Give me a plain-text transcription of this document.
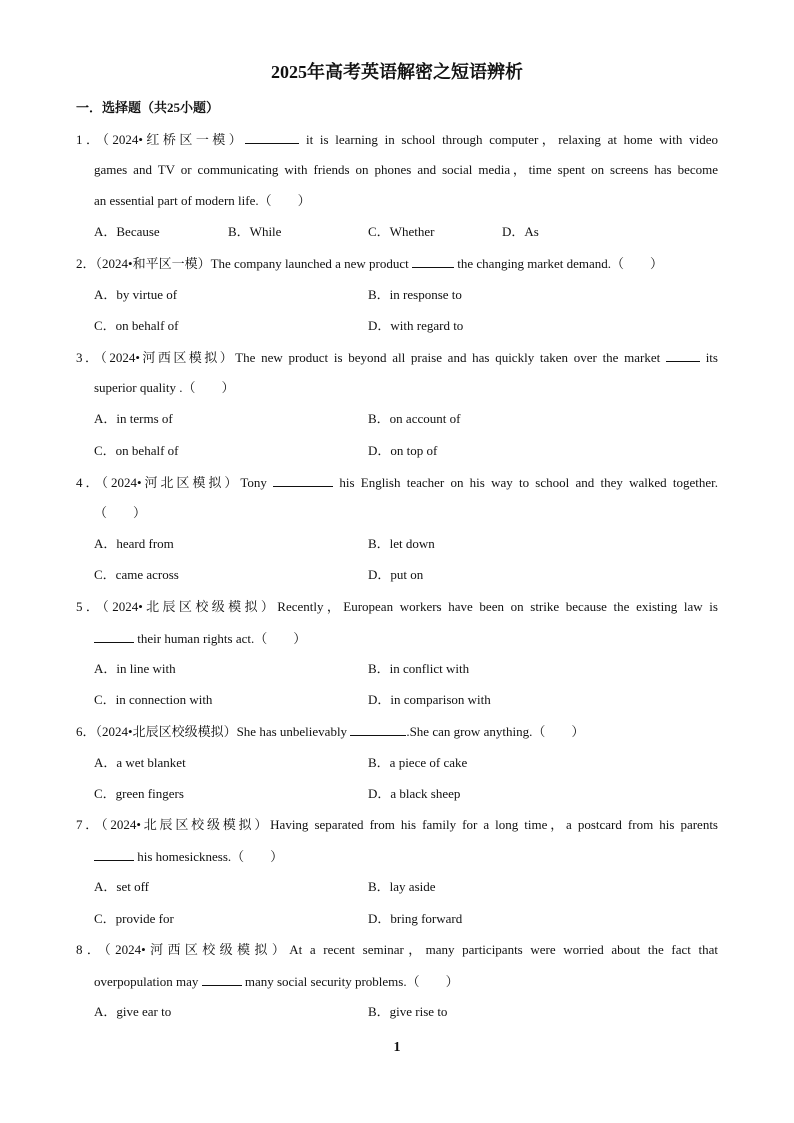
2025年高考英语解密之短语辨析
一．选择题（共25小题）
1．（2024•红桥区一模）	it is learning in school through computer，relaxing at home with video
games and TV or communicating with friends on phones and social media，time spent on screens has become
an essential part of modern life.（　　）
A．Because	B．While	C．Whether	D．As
2．（2024•和平区一模）The company launched a new product	the changing market demand.（　　）
A．by virtue of	B．in response to
C．on behalf of	D．with regard to
3．（2024•河西区模拟）The new product is beyond all praise and has quickly taken over the market	its
superior quality .（　　）
A．in terms of	B．on account of
C．on behalf of	D．on top of
4．（2024•河北区模拟）Tony	his English teacher on his way to school and they walked together.
（　　）
A．heard from	B．let down
C．came across	D．put on
5．（2024•北辰区校级模拟）Recently，European workers have been on strike because the existing law is
their human rights act.（　　）
A．in line with	B．in conflict with
C．in connection with	D．in comparison with
6．（2024•北辰区校级模拟）She has unbelievably	.She can grow anything.（　　）
A．a wet blanket	B．a piece of cake
C．green fingers	D．a black sheep
7．（2024•北辰区校级模拟）Having separated from his family for a long time，a postcard from his parents
his homesickness.（　　）
A．set off	B．lay aside
C．provide for	D．bring forward
8．（2024•河西区校级模拟）At a recent seminar，many participants were worried about the fact that
overpopulation may	many social security problems.（　　）
A．give ear to	B．give rise to
1
